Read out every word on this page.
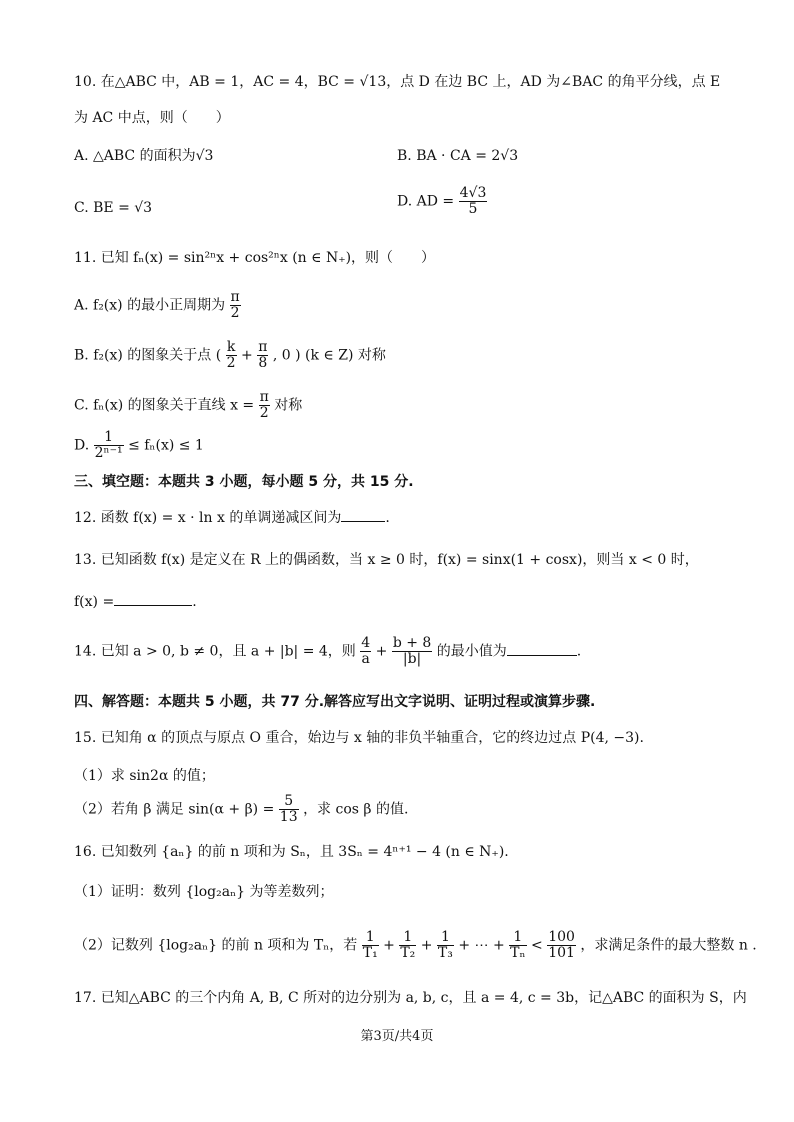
10. 在△ABC 中，AB = 1，AC = 4，BC = √13，点 D 在边 BC 上，AD 为∠BAC 的角平分线，点 E
为 AC 中点，则（　　）
A. △ABC 的面积为√3	B. BA · CA = 2√3
C. BE = √3	D. AD = $\frac{4√3}{5}$
11. 已知 fₙ(x) = sin²ⁿx + cos²ⁿx (n ∈ N₊)，则（　　）
A. f₂(x) 的最小正周期为 $\frac{\pi}{2}$
B. f₂(x) 的图象关于点 ( $\frac{k}{2} + \frac{\pi}{8}$ , 0 ) (k ∈ Z) 对称
C. fₙ(x) 的图象关于直线 $x = \frac{\pi}{2}$ 对称
D. $\frac{1}{\text{2ⁿ⁻¹}} \le f_n(x) \le 1$
三、填空题：本题共 3 小题，每小题 5 分，共 15 分.
12. 函数 f(x) = x · ln x 的单调递减区间为	.
13. 已知函数 f(x) 是定义在 R 上的偶函数，当 x ≥ 0 时，f(x) = sinx(1 + cosx)，则当 x < 0 时，
f(x) =	.
14. 已知 a > 0, b ≠ 0，且 a + |b| = 4，则 $\frac{4}{a} + \frac{b + 8}{|b|}$ 的最小值为	.
四、解答题：本题共 5 小题，共 77 分.解答应写出文字说明、证明过程或演算步骤.
15. 已知角 α 的顶点与原点 O 重合，始边与 x 轴的非负半轴重合，它的终边过点 P(4, −3).
（1）求 sin2α 的值；
（2）若角 β 满足 $\sin(\alpha + \beta) = \frac{5}{13}$ ，求 cos β 的值.
16. 已知数列 {aₙ} 的前 n 项和为 Sₙ，且 3Sₙ = 4ⁿ⁺¹ − 4 (n ∈ N₊).
（1）证明：数列 {log₂aₙ} 为等差数列；
（2）记数列 {log₂aₙ} 的前 n 项和为 Tₙ，若 $\frac{1}{\text{T₁}} + \frac{1}{\text{T₂}} + \frac{1}{\text{T₃}}$ + ⋯ + $\frac{1}{\text{Tₙ}} < \frac{100}{101}$ ，求满足条件的最大整数 n .
17. 已知△ABC 的三个内角 A, B, C 所对的边分别为 a, b, c，且 a = 4, c = 3b，记△ABC 的面积为 S，内
第3页/共4页
